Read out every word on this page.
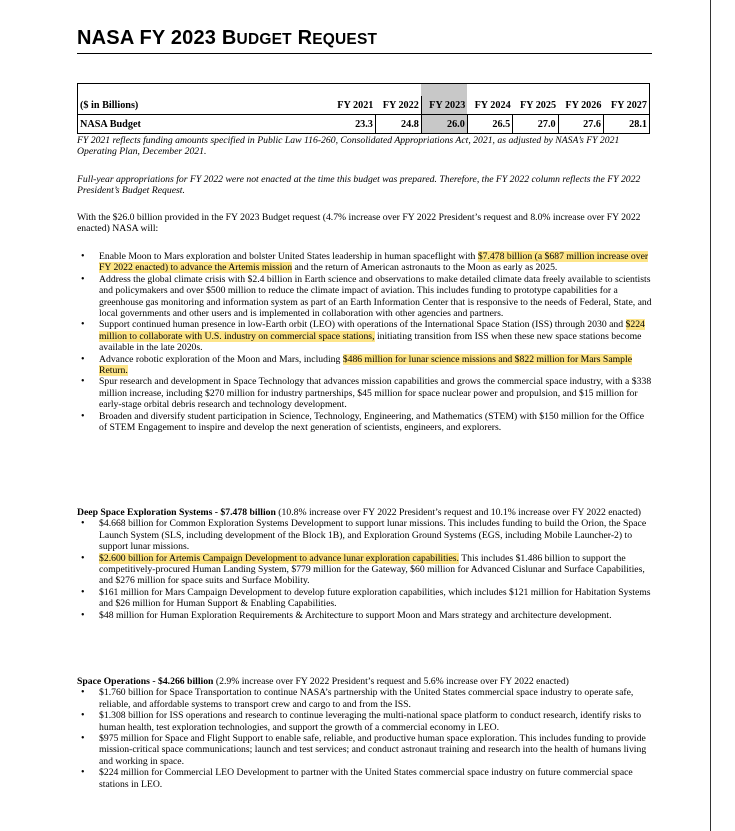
NASA FY 2023 BUDGET REQUEST

($ in Billions)	FY 2021	FY 2022	FY 2023	FY 2024	FY 2025	FY 2026	FY 2027
NASA Budget	23.3	24.8	26.0	26.5	27.0	27.6	28.1
FY 2021 reflects funding amounts specified in Public Law 116-260, Consolidated Appropriations Act, 2021, as adjusted by NASA’s FY 2021 Operating Plan, December 2021.
Full-year appropriations for FY 2022 were not enacted at the time this budget was prepared. Therefore, the FY 2022 column reflects the FY 2022 President’s Budget Request.
With the $26.0 billion provided in the FY 2023 Budget request (4.7% increase over FY 2022 President’s request and 8.0% increase over FY 2022 enacted) NASA will:
• Enable Moon to Mars exploration and bolster United States leadership in human spaceflight with $7.478 billion (a $687 million increase over FY 2022 enacted) to advance the Artemis mission and the return of American astronauts to the Moon as early as 2025.
• Address the global climate crisis with $2.4 billion in Earth science and observations to make detailed climate data freely available to scientists and policymakers and over $500 million to reduce the climate impact of aviation. This includes funding to prototype capabilities for a greenhouse gas monitoring and information system as part of an Earth Information Center that is responsive to the needs of Federal, State, and local governments and other users and is implemented in collaboration with other agencies and partners.
• Support continued human presence in low-Earth orbit (LEO) with operations of the International Space Station (ISS) through 2030 and $224 million to collaborate with U.S. industry on commercial space stations, initiating transition from ISS when these new space stations become available in the late 2020s.
• Advance robotic exploration of the Moon and Mars, including $486 million for lunar science missions and $822 million for Mars Sample Return.
• Spur research and development in Space Technology that advances mission capabilities and grows the commercial space industry, with a $338 million increase, including $270 million for industry partnerships, $45 million for space nuclear power and propulsion, and $15 million for early-stage orbital debris research and technology development.
• Broaden and diversify student participation in Science, Technology, Engineering, and Mathematics (STEM) with $150 million for the Office of STEM Engagement to inspire and develop the next generation of scientists, engineers, and explorers.
Deep Space Exploration Systems - $7.478 billion (10.8% increase over FY 2022 President’s request and 10.1% increase over FY 2022 enacted)
• $4.668 billion for Common Exploration Systems Development to support lunar missions. This includes funding to build the Orion, the Space Launch System (SLS, including development of the Block 1B), and Exploration Ground Systems (EGS, including Mobile Launcher-2) to support lunar missions.
• $2.600 billion for Artemis Campaign Development to advance lunar exploration capabilities. This includes $1.486 billion to support the competitively-procured Human Landing System, $779 million for the Gateway, $60 million for Advanced Cislunar and Surface Capabilities, and $276 million for space suits and Surface Mobility.
• $161 million for Mars Campaign Development to develop future exploration capabilities, which includes $121 million for Habitation Systems and $26 million for Human Support & Enabling Capabilities.
• $48 million for Human Exploration Requirements & Architecture to support Moon and Mars strategy and architecture development.
Space Operations - $4.266 billion (2.9% increase over FY 2022 President’s request and 5.6% increase over FY 2022 enacted)
• $1.760 billion for Space Transportation to continue NASA’s partnership with the United States commercial space industry to operate safe, reliable, and affordable systems to transport crew and cargo to and from the ISS.
• $1.308 billion for ISS operations and research to continue leveraging the multi-national space platform to conduct research, identify risks to human health, test exploration technologies, and support the growth of a commercial economy in LEO.
• $975 million for Space and Flight Support to enable safe, reliable, and productive human space exploration. This includes funding to provide mission-critical space communications; launch and test services; and conduct astronaut training and research into the health of humans living and working in space.
• $224 million for Commercial LEO Development to partner with the United States commercial space industry on future commercial space stations in LEO.
